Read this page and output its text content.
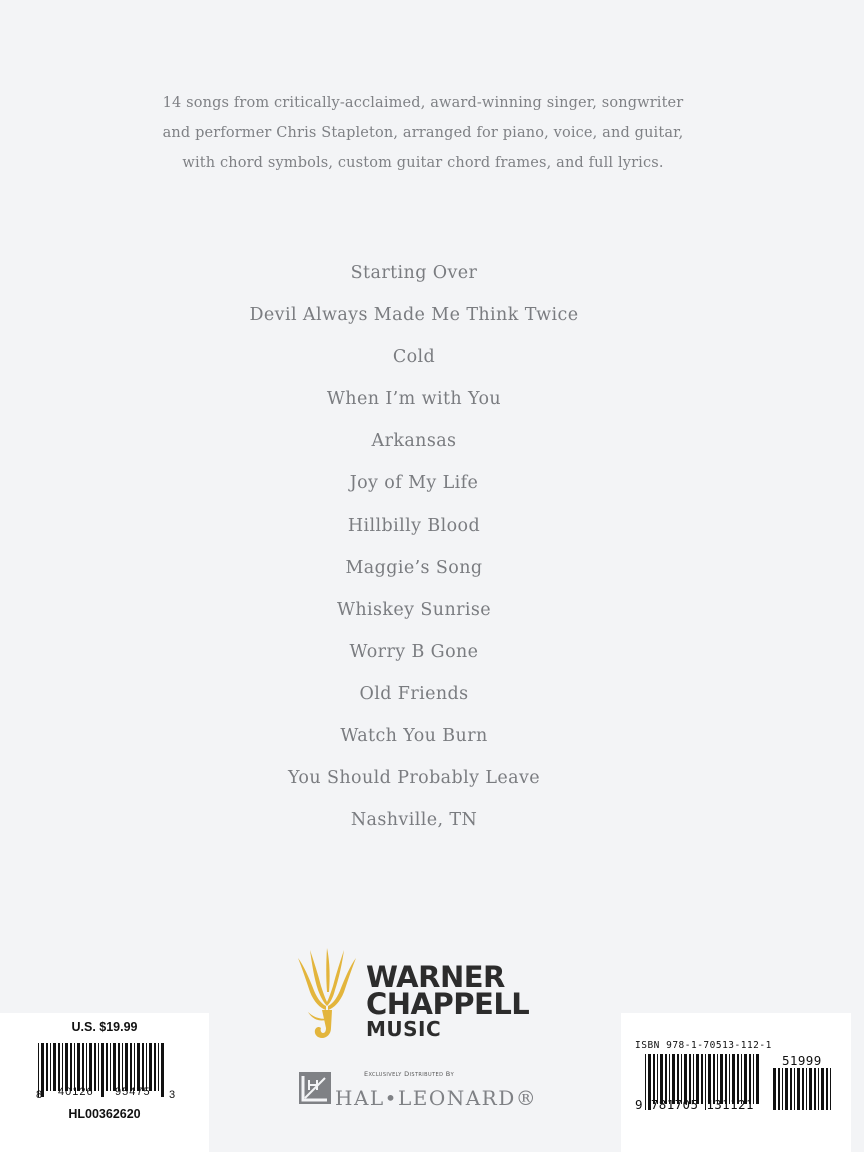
14 songs from critically-acclaimed, award-winning singer, songwriter
and performer Chris Stapleton, arranged for piano, voice, and guitar,
with chord symbols, custom guitar chord frames, and full lyrics.
Starting Over
Devil Always Made Me Think Twice
Cold
When I’m with You
Arkansas
Joy of My Life
Hillbilly Blood
Maggie’s Song
Whiskey Sunrise
Worry B Gone
Old Friends
Watch You Burn
You Should Probably Leave
Nashville, TN
WARNER
CHAPPELL
MUSIC
Exclusively Distributed By
HAL•LEONARD®
U.S. $19.99
8 40126 95475 3
HL00362620
ISBN 978-1-70513-112-1
9 781705 131121
51999
